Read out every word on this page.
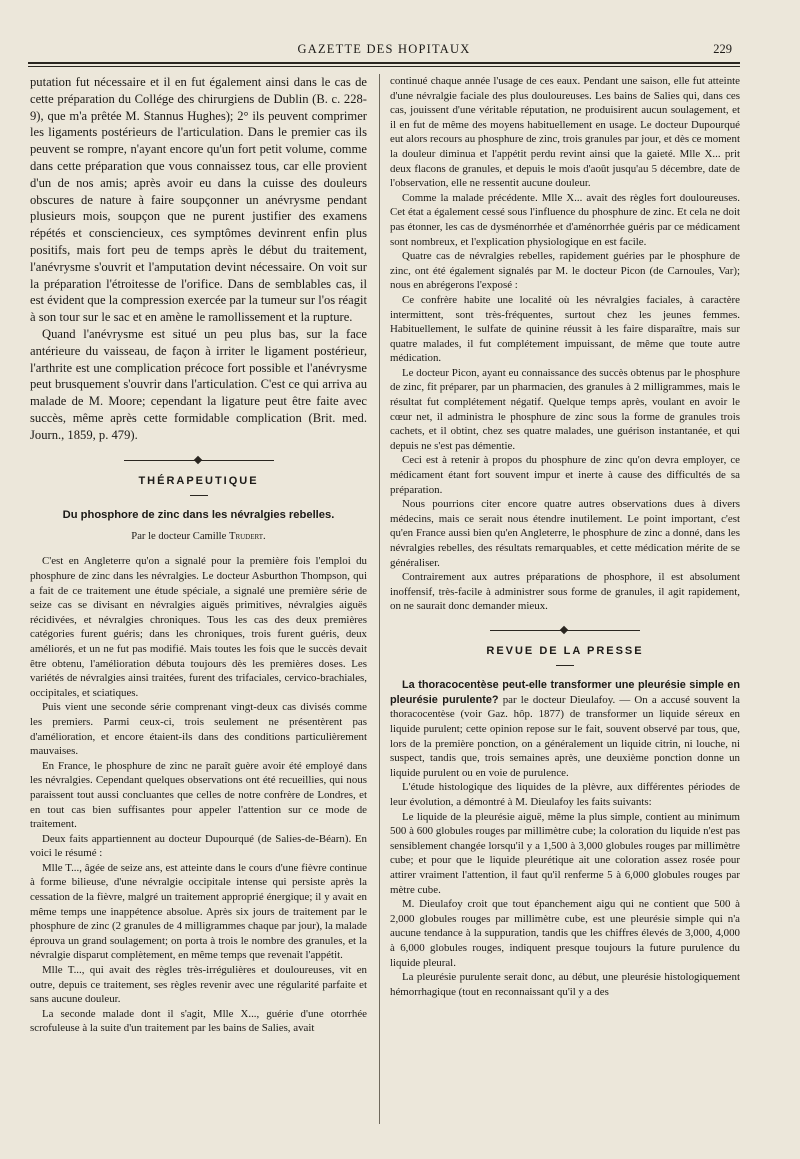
GAZETTE DES HOPITAUX	229

putation fut nécessaire et il en fut également ainsi dans le cas de cette préparation du Collége des chirurgiens de Dublin (B. c. 228-9), que m'a prêtée M. Stannus Hughes); 2° ils peuvent comprimer les ligaments postérieurs de l'articulation. Dans le premier cas ils peuvent se rompre, n'ayant encore qu'un fort petit volume, comme dans cette préparation que vous connaissez tous, car elle provient d'un de nos amis; après avoir eu dans la cuisse des douleurs obscures de nature à faire soupçonner un anévrysme pendant plusieurs mois, soupçon que ne purent justifier des examens répétés et consciencieux, ces symptômes devinrent enfin plus positifs, mais fort peu de temps après le début du traitement, l'anévrysme s'ouvrit et l'amputation devint nécessaire. On voit sur la préparation l'étroitesse de l'orifice. Dans de semblables cas, il est évident que la compression exercée par la tumeur sur l'os réagit à son tour sur le sac et en amène le ramollissement et la rupture.

Quand l'anévrysme est situé un peu plus bas, sur la face antérieure du vaisseau, de façon à irriter le ligament postérieur, l'arthrite est une complication précoce fort possible et l'anévrysme peut brusquement s'ouvrir dans l'articulation. C'est ce qui arriva au malade de M. Moore; cependant la ligature peut être faite avec succès, même après cette formidable complication (Brit. med. Journ., 1859, p. 479).

THÉRAPEUTIQUE
Du phosphore de zinc dans les névralgies rebelles.
Par le docteur Camille Trudert.

C'est en Angleterre qu'on a signalé pour la première fois l'emploi du phosphure de zinc dans les névralgies. Le docteur Asburthon Thompson, qui a fait de ce traitement une étude spéciale, a signalé une première série de seize cas se divisant en névralgies aiguës primitives, névralgies aiguës récidivées, et névralgies chroniques. Tous les cas des deux premières catégories furent guéris; dans les chroniques, trois furent guéris, deux améliorés, et un ne fut pas modifié. Mais toutes les fois que le succès devait être obtenu, l'amélioration débuta toujours dès les premières doses. Les variétés de névralgies ainsi traitées, furent des trifaciales, cervico-brachiales, occipitales, et sciatiques.

Puis vient une seconde série comprenant vingt-deux cas divisés comme les premiers. Parmi ceux-ci, trois seulement ne présentèrent pas d'amélioration, et encore étaient-ils dans des conditions particulièrement mauvaises.

En France, le phosphure de zinc ne paraît guère avoir été employé dans les névralgies. Cependant quelques observations ont été recueillies, qui nous paraissent tout aussi concluantes que celles de notre confrère de Londres, et en tout cas bien suffisantes pour appeler l'attention sur ce mode de traitement.

Deux faits appartiennent au docteur Dupourqué (de Salies-de-Béarn). En voici le résumé :

Mlle T..., âgée de seize ans, est atteinte dans le cours d'une fièvre continue à forme bilieuse, d'une névralgie occipitale intense qui persiste après la cessation de la fièvre, malgré un traitement approprié énergique; il y avait en même temps une inappétence absolue. Après six jours de traitement par le phosphure de zinc (2 granules de 4 milligrammes chaque par jour), la malade éprouva un grand soulagement; on porta à trois le nombre des granules, et la névralgie disparut complètement, en même temps que revenait l'appétit.

Mlle T..., qui avait des règles très-irrégulières et douloureuses, vit en outre, depuis ce traitement, ses règles revenir avec une régularité parfaite et sans aucune douleur.

La seconde malade dont il s'agit, Mlle X..., guérie d'une otorrhée scrofuleuse à la suite d'un traitement par les bains de Salies, avait

continué chaque année l'usage de ces eaux. Pendant une saison, elle fut atteinte d'une névralgie faciale des plus douloureuses. Les bains de Salies qui, dans ces cas, jouissent d'une véritable réputation, ne produisirent aucun soulagement, et il en fut de même des moyens habituellement en usage. Le docteur Dupourqué eut alors recours au phosphure de zinc, trois granules par jour, et dès ce moment la douleur diminua et l'appétit perdu revint ainsi que la gaieté. Mlle X... prit deux flacons de granules, et depuis le mois d'août jusqu'au 5 décembre, date de l'observation, elle ne ressentit aucune douleur.

Comme la malade précédente. Mlle X... avait des règles fort douloureuses. Cet état a également cessé sous l'influence du phosphure de zinc. Et cela ne doit pas étonner, les cas de dysménorrhée et d'aménorrhée guéris par ce médicament sont nombreux, et l'explication physiologique en est facile.

Quatre cas de névralgies rebelles, rapidement guéries par le phosphure de zinc, ont été également signalés par M. le docteur Picon (de Carnoules, Var); nous en abrégerons l'exposé :

Ce confrère habite une localité où les névralgies faciales, à caractère intermittent, sont très-fréquentes, surtout chez les jeunes femmes. Habituellement, le sulfate de quinine réussit à les faire disparaître, mais sur quatre malades, il fut complétement impuissant, de même que toute autre médication.

Le docteur Picon, ayant eu connaissance des succès obtenus par le phosphure de zinc, fit préparer, par un pharmacien, des granules à 2 milligrammes, mais le résultat fut complétement négatif. Quelque temps après, voulant en avoir le cœur net, il administra le phosphure de zinc sous la forme de granules trois cachets, et il obtint, chez ses quatre malades, une guérison instantanée, et qui depuis ne s'est pas démentie.

Ceci est à retenir à propos du phosphure de zinc qu'on devra employer, ce médicament étant fort souvent impur et inerte à cause des difficultés de sa préparation.

Nous pourrions citer encore quatre autres observations dues à divers médecins, mais ce serait nous étendre inutilement. Le point important, c'est qu'en France aussi bien qu'en Angleterre, le phosphure de zinc a donné, dans les névralgies rebelles, des résultats remarquables, et cette médication mérite de se généraliser.

Contrairement aux autres préparations de phosphore, il est absolument inoffensif, très-facile à administrer sous forme de granules, il agit rapidement, on ne saurait donc demander mieux.

REVUE DE LA PRESSE

La thoracocentèse peut-elle transformer une pleurésie simple en pleurésie purulente? par le docteur Dieulafoy. — On a accusé souvent la thoracocentèse (voir Gaz. hôp. 1877) de transformer un liquide séreux en liquide purulent; cette opinion repose sur le fait, souvent observé par tous, que, lors de la première ponction, on a généralement un liquide citrin, ni louche, ni suspect, tandis que, trois semaines après, une deuxième ponction donne un liquide purulent ou en voie de purulence.

L'étude histologique des liquides de la plèvre, aux différentes périodes de leur évolution, a démontré à M. Dieulafoy les faits suivants:

Le liquide de la pleurésie aiguë, même la plus simple, contient au minimum 500 à 600 globules rouges par millimètre cube; la coloration du liquide n'est pas sensiblement changée lorsqu'il y a 1,500 à 3,000 globules rouges par millimètre cube; et pour que le liquide pleurétique ait une coloration assez rosée pour attirer vraiment l'attention, il faut qu'il renferme 5 à 6,000 globules rouges par mètre cube.

M. Dieulafoy croit que tout épanchement aigu qui ne contient que 500 à 2,000 globules rouges par millimètre cube, est une pleurésie simple qui n'a aucune tendance à la suppuration, tandis que les chiffres élevés de 3,000, 4,000 à 6,000 globules rouges, indiquent presque toujours la future purulence du liquide pleural.

La pleurésie purulente serait donc, au début, une pleurésie histologiquement hémorrhagique (tout en reconnaissant qu'il y a des
